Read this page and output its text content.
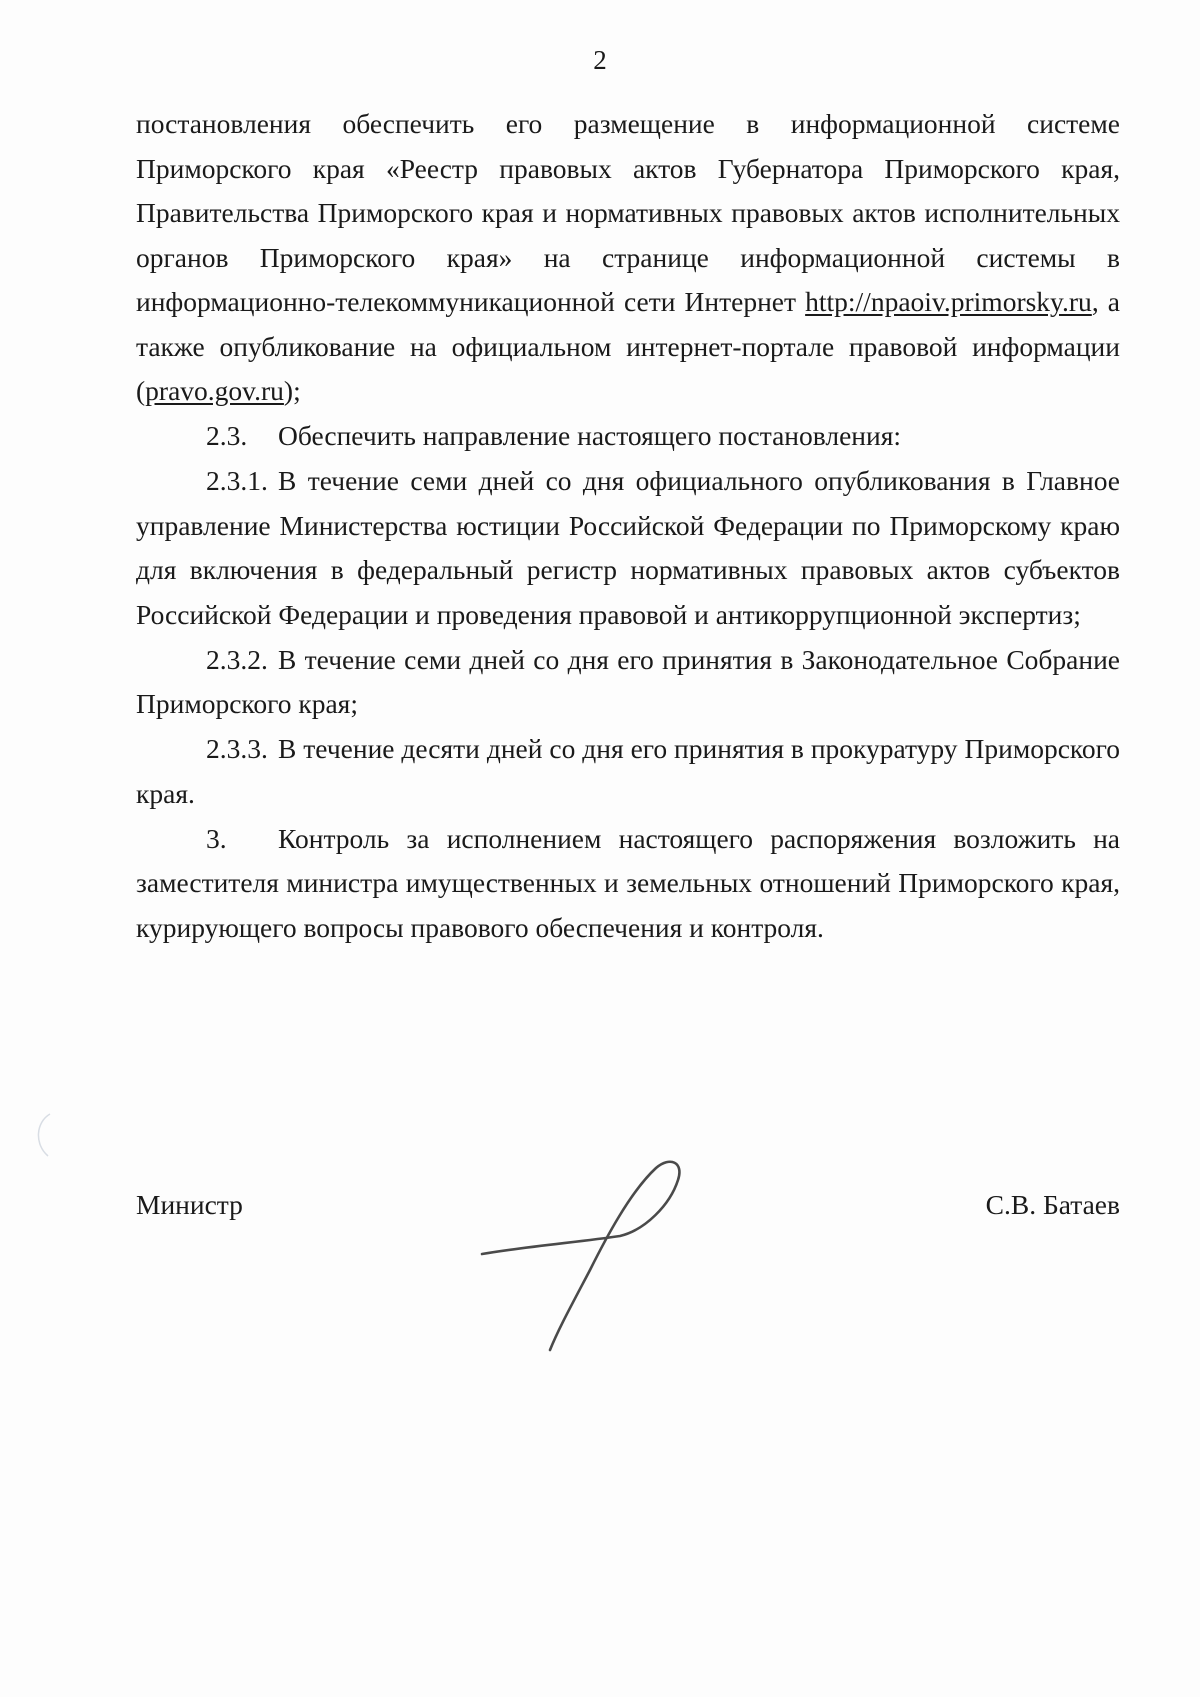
2

постановления обеспечить его размещение в информационной системе Приморского края «Реестр правовых актов Губернатора Приморского края, Правительства Приморского края и нормативных правовых актов исполнительных органов Приморского края» на странице информационной системы в информационно-телекоммуникационной сети Интернет http://npaoiv.primorsky.ru, а также опубликование на официальном интернет-портале правовой информации (pravo.gov.ru);

2.3. Обеспечить направление настоящего постановления:

2.3.1. В течение семи дней со дня официального опубликования в Главное управление Министерства юстиции Российской Федерации по Приморскому краю для включения в федеральный регистр нормативных правовых актов субъектов Российской Федерации и проведения правовой и антикоррупционной экспертиз;

2.3.2. В течение семи дней со дня его принятия в Законодательное Собрание Приморского края;

2.3.3. В течение десяти дней со дня его принятия в прокуратуру Приморского края.

3. Контроль за исполнением настоящего распоряжения возложить на заместителя министра имущественных и земельных отношений Приморского края, курирующего вопросы правового обеспечения и контроля.

Министр	С.В. Батаев
